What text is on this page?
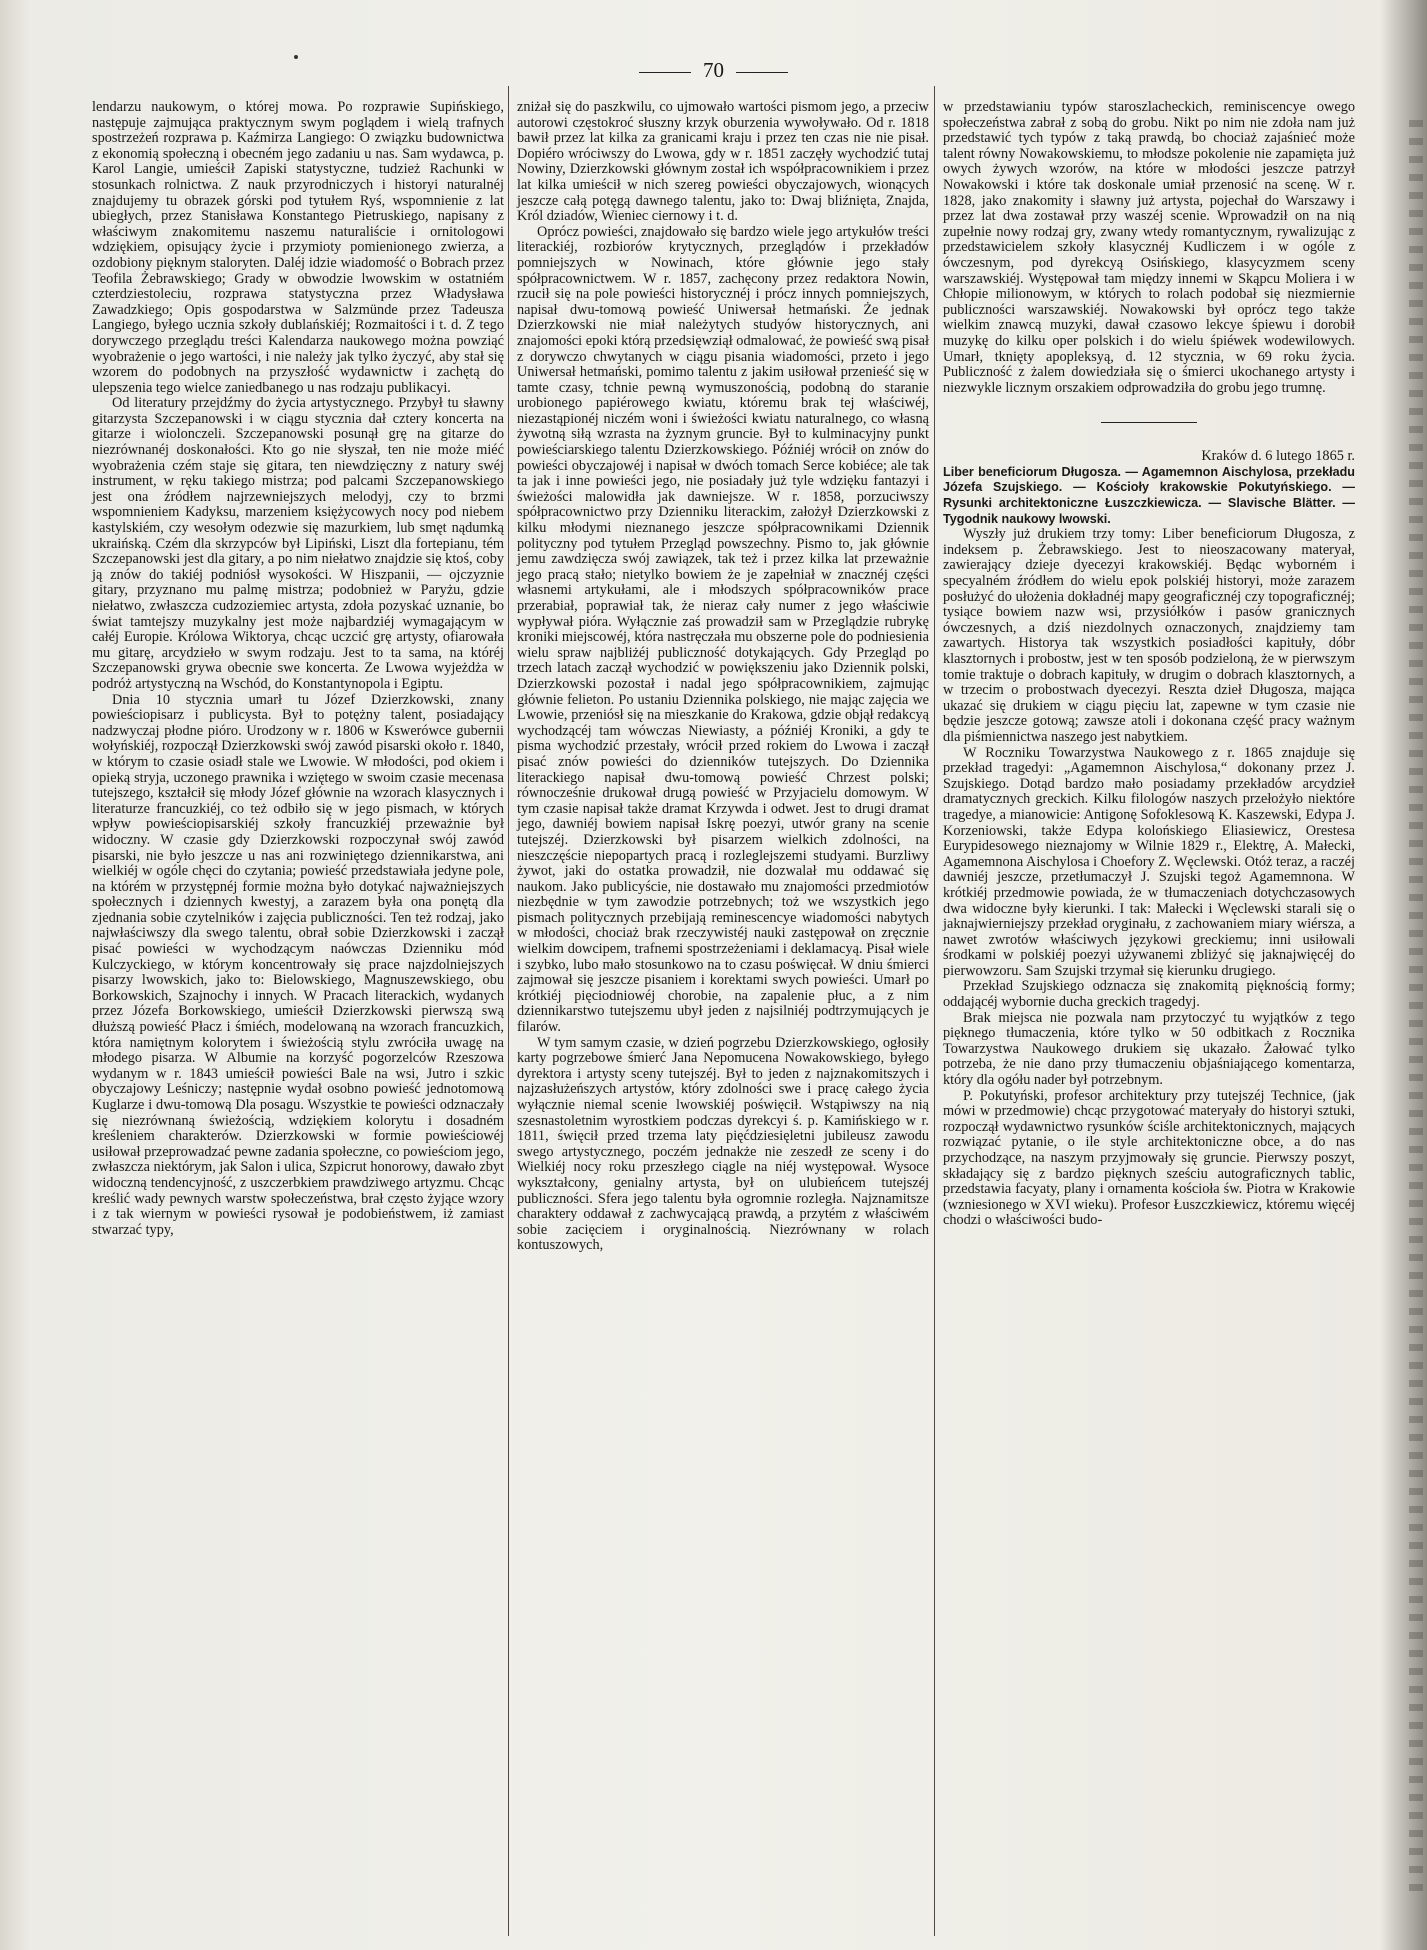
70

lendarzu naukowym, o której mowa. Po rozprawie Supińskiego, następuje zajmująca praktycznym swym poglądem i wielą trafnych spostrzeżeń rozprawa p. Kaźmirza Langiego: O związku budownictwa z ekonomią społeczną i obecném jego zadaniu u nas. Sam wydawca, p. Karol Langie, umieścił Zapiski statystyczne, tudzież Rachunki w stosunkach rolnictwa. Z nauk przyrodniczych i historyi naturalnéj znajdujemy tu obrazek górski pod tytułem Ryś, wspomnienie z lat ubiegłych, przez Stanisława Konstantego Pietruskiego, napisany z właściwym znakomitemu naszemu naturaliście i ornitologowi wdziękiem, opisujący życie i przymioty pomienionego zwierza, a ozdobiony pięknym staloryten. Daléj idzie wiadomość o Bobrach przez Teofila Żebrawskiego; Grady w obwodzie lwowskim w ostatniém czterdziestoleciu, rozprawa statystyczna przez Władysława Zawadzkiego; Opis gospodarstwa w Salzmünde przez Tadeusza Langiego, byłego ucznia szkoły dublańskiéj; Rozmaitości i t. d. Z tego dorywczego przeglądu treści Kalendarza naukowego można powziąć wyobrażenie o jego wartości, i nie należy jak tylko życzyć, aby stał się wzorem do podobnych na przyszłość wydawnictw i zachętą do ulepszenia tego wielce zaniedbanego u nas rodzaju publikacyi.

Od literatury przejdźmy do życia artystycznego. Przybył tu sławny gitarzysta Szczepanowski i w ciągu stycznia dał cztery koncerta na gitarze i wiolonczeli. Szczepanowski posunął grę na gitarze do niezrównanéj doskonałości. Kto go nie słyszał, ten nie może miéć wyobrażenia czém staje się gitara, ten niewdzięczny z natury swéj instrument, w ręku takiego mistrza; pod palcami Szczepanowskiego jest ona źródłem najrzewniejszych melodyj, czy to brzmi wspomnieniem Kadyksu, marzeniem księżycowych nocy pod niebem kastylskiém, czy wesołym odezwie się mazurkiem, lub smęt nądumką ukraińską. Czém dla skrzypców był Lipiński, Liszt dla fortepianu, tém Szczepanowski jest dla gitary, a po nim niełatwo znajdzie się ktoś, coby ją znów do takiéj podniósł wysokości. W Hiszpanii, — ojczyznie gitary, przyznano mu palmę mistrza; podobnież w Paryżu, gdzie niełatwo, zwłaszcza cudzoziemiec artysta, zdoła pozyskać uznanie, bo świat tamtejszy muzykalny jest może najbardziéj wymagającym w całéj Europie. Królowa Wiktorya, chcąc uczcić grę artysty, ofiarowała mu gitarę, arcydzieło w swym rodzaju. Jest to ta sama, na któréj Szczepanowski grywa obecnie swe koncerta. Ze Lwowa wyjeżdża w podróż artystyczną na Wschód, do Konstantynopola i Egiptu.

Dnia 10 stycznia umarł tu Józef Dzierzkowski, znany powieściopisarz i publicysta. Był to potężny talent, posiadający nadzwyczaj płodne pióro. Urodzony w r. 1806 w Kswerówce gubernii wołyńskiéj, rozpoczął Dzierzkowski swój zawód pisarski około r. 1840, w którym to czasie osiadł stale we Lwowie. W młodości, pod okiem i opieką stryja, uczonego prawnika i wziętego w swoim czasie mecenasa tutejszego, kształcił się młody Józef głównie na wzorach klasycznych i literaturze francuzkiéj, co też odbiło się w jego pismach, w których wpływ powieściopisarskiéj szkoły francuzkiéj przeważnie był widoczny. W czasie gdy Dzierzkowski rozpoczynał swój zawód pisarski, nie było jeszcze u nas ani rozwiniętego dziennikarstwa, ani wielkiéj w ogóle chęci do czytania; powieść przedstawiała jedyne pole, na którém w przystępnéj formie można było dotykać najważniejszych społecznych i dziennych kwestyj, a zarazem była ona ponętą dla zjednania sobie czytelników i zajęcia publiczności. Ten też rodzaj, jako najwłaściwszy dla swego talentu, obrał sobie Dzierzkowski i zaczął pisać powieści w wychodzącym naówczas Dzienniku mód Kulczyckiego, w którym koncentrowały się prace najzdolniejszych pisarzy lwowskich, jako to: Bielowskiego, Magnuszewskiego, obu Borkowskich, Szajnochy i innych. W Pracach literackich, wydanych przez Józefa Borkowskiego, umieścił Dzierzkowski pierwszą swą dłuższą powieść Płacz i śmiéch, modelowaną na wzorach francuzkich, która namiętnym kolorytem i świeżością stylu zwróciła uwagę na młodego pisarza. W Albumie na korzyść pogorzelców Rzeszowa wydanym w r. 1843 umieścił powieści Bale na wsi, Jutro i szkic obyczajowy Leśniczy; następnie wydał osobno powieść jednotomową Kuglarze i dwu-tomową Dla posagu. Wszystkie te powieści odznaczały się niezrównaną świeżością, wdziękiem kolorytu i dosadném kreśleniem charakterów. Dzierzkowski w formie powieściowéj usiłował przeprowadzać pewne zadania społeczne, co powieściom jego, zwłaszcza niektórym, jak Salon i ulica, Szpicrut honorowy, dawało zbyt widoczną tendencyjność, z uszczerbkiem prawdziwego artyzmu. Chcąc kreślić wady pewnych warstw społeczeństwa, brał często żyjące wzory i z tak wiernym w powieści rysował je podobieństwem, iż zamiast stwarzać typy,

zniżał się do paszkwilu, co ujmowało wartości pismom jego, a przeciw autorowi częstokroć słuszny krzyk oburzenia wywoływało. Od r. 1818 bawił przez lat kilka za granicami kraju i przez ten czas nie nie pisał. Dopiéro wróciwszy do Lwowa, gdy w r. 1851 zaczęły wychodzić tutaj Nowiny, Dzierzkowski głównym został ich współpracownikiem i przez lat kilka umieścił w nich szereg powieści obyczajowych, wionących jeszcze całą potęgą dawnego talentu, jako to: Dwaj bliźnięta, Znajda, Król dziadów, Wieniec ciernowy i t. d.

Oprócz powieści, znajdowało się bardzo wiele jego artykułów treści literackiéj, rozbiorów krytycznych, przeglądów i przekładów pomniejszych w Nowinach, które głównie jego stały spółpracownictwem. W r. 1857, zachęcony przez redaktora Nowin, rzucił się na pole powieści historycznéj i prócz innych pomniejszych, napisał dwu-tomową powieść Uniwersał hetmański. Że jednak Dzierzkowski nie miał należytych studyów historycznych, ani znajomości epoki którą przedsięwziął odmalować, że powieść swą pisał z dorywczo chwytanych w ciągu pisania wiadomości, przeto i jego Uniwersał hetmański, pomimo talentu z jakim usiłował przenieść się w tamte czasy, tchnie pewną wymuszonością, podobną do staranie urobionego papiérowego kwiatu, któremu brak tej właściwéj, niezastąpionéj niczém woni i świeżości kwiatu naturalnego, co własną żywotną siłą wzrasta na żyznym gruncie. Był to kulminacyjny punkt powieściarskiego talentu Dzierzkowskiego. Późniéj wrócił on znów do powieści obyczajowéj i napisał w dwóch tomach Serce kobiéce; ale tak ta jak i inne powieści jego, nie posiadały już tyle wdzięku fantazyi i świeżości malowidła jak dawniejsze. W r. 1858, porzuciwszy spółpracownictwo przy Dzienniku literackim, założył Dzierzkowski z kilku młodymi nieznanego jeszcze spółpracownikami Dziennik polityczny pod tytułem Przegląd powszechny. Pismo to, jak głównie jemu zawdzięcza swój zawiązek, tak też i przez kilka lat przeważnie jego pracą stało; nietylko bowiem że je zapełniał w znacznéj części własnemi artykułami, ale i młodszych spółpracowników prace przerabiał, poprawiał tak, że nieraz cały numer z jego właściwie wypływał pióra. Wyłącznie zaś prowadził sam w Przeglądzie rubrykę kroniki miejscowéj, która nastręczała mu obszerne pole do podniesienia wielu spraw najbliżéj publiczność dotykających. Gdy Przegląd po trzech latach zaczął wychodzić w powiększeniu jako Dziennik polski, Dzierzkowski pozostał i nadal jego spółpracownikiem, zajmując głównie felieton. Po ustaniu Dziennika polskiego, nie mając zajęcia we Lwowie, przeniósł się na mieszkanie do Krakowa, gdzie objął redakcyą wychodzącéj tam wówczas Niewiasty, a późniéj Kroniki, a gdy te pisma wychodzić przestały, wrócił przed rokiem do Lwowa i zaczął pisać znów powieści do dzienników tutejszych. Do Dziennika literackiego napisał dwu-tomową powieść Chrzest polski; równocześnie drukował drugą powieść w Przyjacielu domowym. W tym czasie napisał także dramat Krzywda i odwet. Jest to drugi dramat jego, dawniéj bowiem napisał Iskrę poezyi, utwór grany na scenie tutejszéj. Dzierzkowski był pisarzem wielkich zdolności, na nieszczęście niepopartych pracą i rozleglejszemi studyami. Burzliwy żywot, jaki do ostatka prowadził, nie dozwalał mu oddawać się naukom. Jako publicyście, nie dostawało mu znajomości przedmiotów niezbędnie w tym zawodzie potrzebnych; toż we wszystkich jego pismach politycznych przebijają reminescencye wiadomości nabytych w młodości, chociaż brak rzeczywistéj nauki zastępował on zręcznie wielkim dowcipem, trafnemi spostrzeżeniami i deklamacyą. Pisał wiele i szybko, lubo mało stosunkowo na to czasu poświęcał. W dniu śmierci zajmował się jeszcze pisaniem i korektami swych powieści. Umarł po krótkiéj pięciodniowéj chorobie, na zapalenie płuc, a z nim dziennikarstwo tutejszemu ubył jeden z najsilniéj podtrzymujących je filarów.

W tym samym czasie, w dzień pogrzebu Dzierzkowskiego, ogłosiły karty pogrzebowe śmierć Jana Nepomucena Nowakowskiego, byłego dyrektora i artysty sceny tutejszéj. Był to jeden z najznakomitszych i najzasłużeńszych artystów, który zdolności swe i pracę całego życia wyłącznie niemal scenie lwowskiéj poświęcił. Wstąpiwszy na nią szesnastoletnim wyrostkiem podczas dyrekcyi ś. p. Kamińskiego w r. 1811, święcił przed trzema laty pięćdziesięletni jubileusz zawodu swego artystycznego, poczém jednakże nie zeszedł ze sceny i do Wielkiéj nocy roku przeszłego ciągle na niéj występował. Wysoce wykształcony, genialny artysta, był on ulubieńcem tutejszéj publiczności. Sfera jego talentu była ogromnie rozległa. Najznamitsze charaktery oddawał z zachwycającą prawdą, a przytém z właściwém sobie zacięciem i oryginalnością. Niezrównany w rolach kontuszowych,

w przedstawianiu typów staroszlacheckich, reminiscencye owego społeczeństwa zabrał z sobą do grobu. Nikt po nim nie zdoła nam już przedstawić tych typów z taką prawdą, bo chociaż zajaśnieć może talent równy Nowakowskiemu, to młodsze pokolenie nie zapamięta już owych żywych wzorów, na które w młodości jeszcze patrzył Nowakowski i które tak doskonale umiał przenosić na scenę. W r. 1828, jako znakomity i sławny już artysta, pojechał do Warszawy i przez lat dwa zostawał przy waszéj scenie. Wprowadził on na nią zupełnie nowy rodzaj gry, zwany wtedy romantycznym, rywalizując z przedstawicielem szkoły klasycznéj Kudliczem i w ogóle z ówczesnym, pod dyrekcyą Osińskiego, klasycyzmem sceny warszawskiéj. Występował tam między innemi w Skąpcu Moliera i w Chłopie milionowym, w których to rolach podobał się niezmiernie publiczności warszawskiéj. Nowakowski był oprócz tego także wielkim znawcą muzyki, dawał czasowo lekcye śpiewu i dorobił muzykę do kilku oper polskich i do wielu śpiéwek wodewilowych. Umarł, tknięty apopleksyą, d. 12 stycznia, w 69 roku życia. Publiczność z żalem dowiedziała się o śmierci ukochanego artysty i niezwykle licznym orszakiem odprowadziła do grobu jego trumnę.

Kraków d. 6 lutego 1865 r.

Liber beneficiorum Długosza. — Agamemnon Aischylosa, przekładu Józefa Szujskiego. — Kościoły krakowskie Pokutyńskiego. — Rysunki architektoniczne Łuszczkiewicza. — Slavische Blätter. — Tygodnik naukowy lwowski.

Wyszły już drukiem trzy tomy: Liber beneficiorum Długosza, z indeksem p. Żebrawskiego. Jest to nieoszacowany materyał, zawierający dzieje dyecezyi krakowskiéj. Będąc wyborném i specyalném źródłem do wielu epok polskiéj historyi, może zarazem posłużyć do ułożenia dokładnéj mapy geograficznéj czy topograficznéj; tysiące bowiem nazw wsi, przysiółków i pasów granicznych ówczesnych, a dziś niezdolnych oznaczonych, znajdziemy tam zawartych. Historya tak wszystkich posiadłości kapituły, dóbr klasztornych i probostw, jest w ten sposób podzieloną, że w pierwszym tomie traktuje o dobrach kapituły, w drugim o dobrach klasztornych, a w trzecim o probostwach dyecezyi. Reszta dzieł Długosza, mająca ukazać się drukiem w ciągu pięciu lat, zapewne w tym czasie nie będzie jeszcze gotową; zawsze atoli i dokonana część pracy ważnym dla piśmiennictwa naszego jest nabytkiem.

W Roczniku Towarzystwa Naukowego z r. 1865 znajduje się przekład tragedyi: „Agamemnon Aischylosa,“ dokonany przez J. Szujskiego. Dotąd bardzo mało posiadamy przekładów arcydzieł dramatycznych greckich. Kilku filologów naszych przełożyło niektóre tragedye, a mianowicie: Antigonę Sofoklesową K. Kaszewski, Edypa J. Korzeniowski, także Edypa kolońskiego Eliasiewicz, Orestesa Eurypidesowego nieznajomy w Wilnie 1829 r., Elektrę, A. Małecki, Agamemnona Aischylosa i Choefory Z. Węclewski. Otóż teraz, a raczéj dawniéj jeszcze, przetłumaczył J. Szujski tegoż Agamemnona. W krótkiéj przedmowie powiada, że w tłumaczeniach dotychczasowych dwa widoczne były kierunki. I tak: Małecki i Węclewski starali się o jaknajwierniejszy przekład oryginału, z zachowaniem miary wiérsza, a nawet zwrotów właściwych językowi greckiemu; inni usiłowali środkami w polskiéj poezyi używanemi zbliżyć się jaknajwięcéj do pierwowzoru. Sam Szujski trzymał się kierunku drugiego.

Przekład Szujskiego odznacza się znakomitą pięknością formy; oddającéj wybornie ducha greckich tragedyj.

Brak miejsca nie pozwala nam przytoczyć tu wyjątków z tego pięknego tłumaczenia, które tylko w 50 odbitkach z Rocznika Towarzystwa Naukowego drukiem się ukazało. Żałować tylko potrzeba, że nie dano przy tłumaczeniu objaśniającego komentarza, który dla ogółu nader był potrzebnym.

P. Pokutyński, profesor architektury przy tutejszéj Technice, (jak mówi w przedmowie) chcąc przygotować materyały do historyi sztuki, rozpoczął wydawnictwo rysunków ściśle architektonicznych, mających rozwiązać pytanie, o ile style architektoniczne obce, a do nas przychodzące, na naszym przyjmowały się gruncie. Pierwszy poszyt, składający się z bardzo pięknych sześciu autograficznych tablic, przedstawia facyaty, plany i ornamenta kościoła św. Piotra w Krakowie (wzniesionego w XVI wieku). Profesor Łuszczkiewicz, któremu więcéj chodzi o właściwości budo-
